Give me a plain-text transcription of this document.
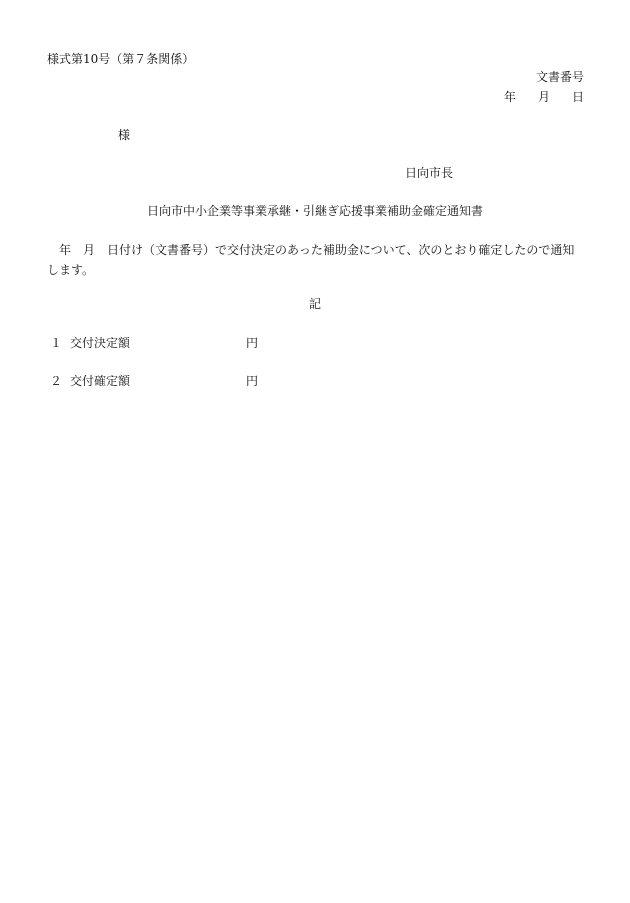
様式第10号（第７条関係）
文書番号
年 月 日
様
日向市長
日向市中小企業等事業承継・引継ぎ応援事業補助金確定通知書
年　月　日付け（文書番号）で交付決定のあった補助金について、次のとおり確定したので通知します。
記
１ 交付決定額	円
２ 交付確定額	円
